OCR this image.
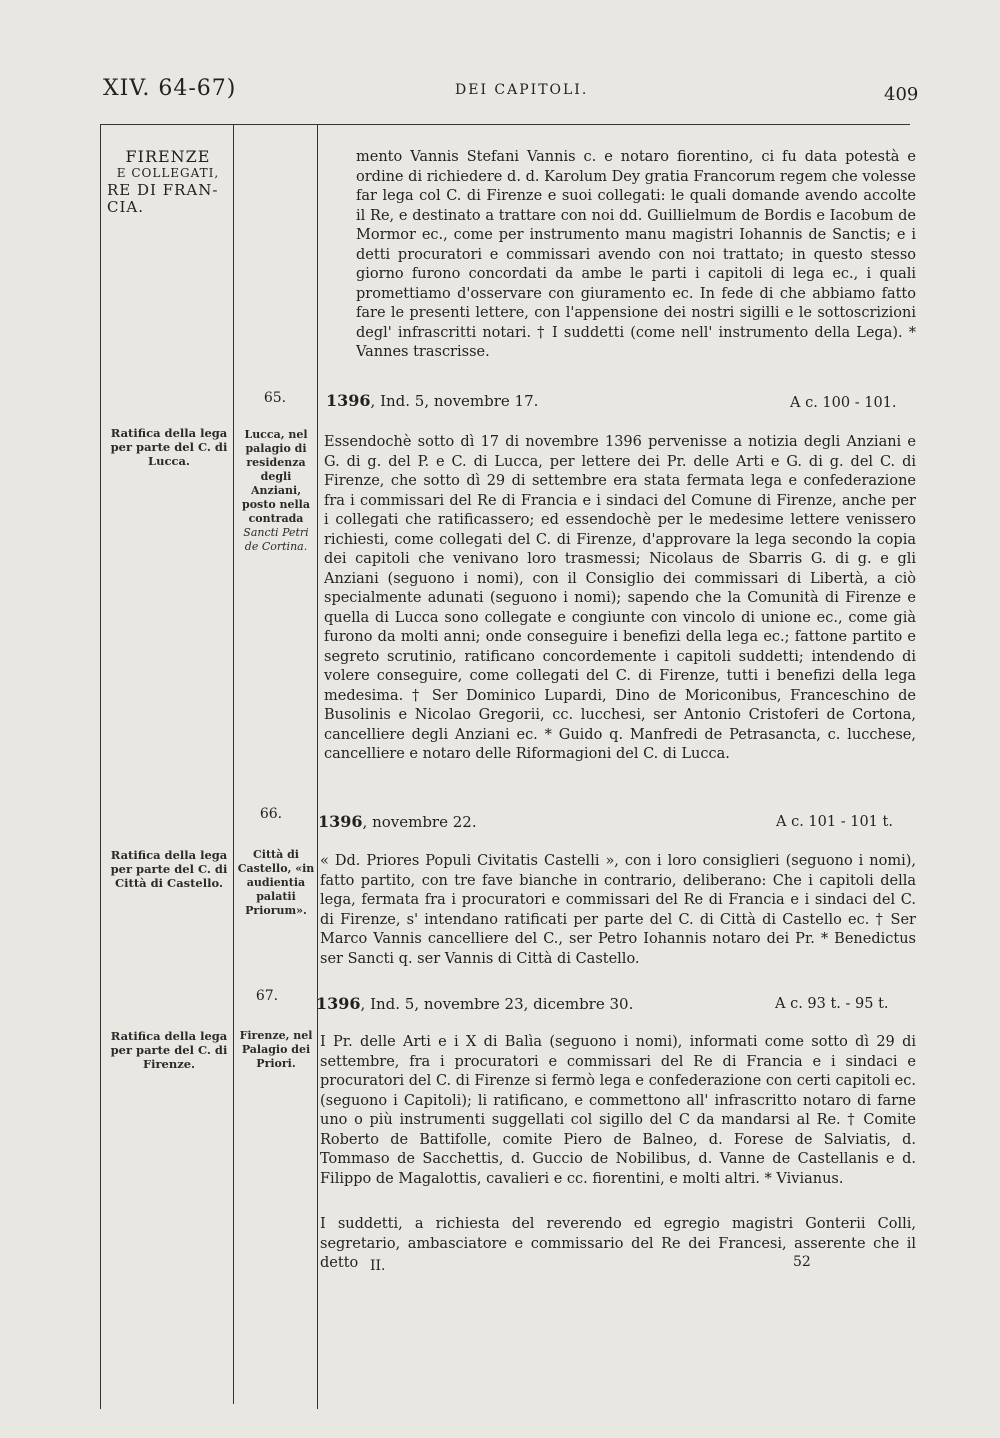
XIV. 64-67)	DEI CAPITOLI.	409
FIRENZE
E COLLEGATI,
RE DI FRAN-
CIA.
mento Vannis Stefani Vannis c. e notaro fiorentino, ci fu data potestà e ordine di richiedere d. d. Karolum Dey gratia Francorum regem che volesse far lega col C. di Firenze e suoi collegati: le quali domande avendo accolte il Re, e destinato a trattare con noi dd. Guillielmum de Bordis e Iacobum de Mormor ec., come per instrumento manu magistri Iohannis de Sanctis; e i detti procuratori e commissari avendo con noi trattato; in questo stesso giorno furono concordati da ambe le parti i capitoli di lega ec., i quali promettiamo d'osservare con giuramento ec. In fede di che abbiamo fatto fare le presenti lettere, con l'appensione dei nostri sigilli e le sottoscrizioni degl' infrascritti notari. † I suddetti (come nell' instrumento della Lega). * Vannes trascrisse.
65.
Ratifica della lega per parte del C. di Lucca.
Lucca, nel palagio di residenza degli Anziani, posto nella contrada
Sancti Petri de Cortina.
1396, Ind. 5, novembre 17.	A c. 100 - 101.
Essendochè sotto dì 17 di novembre 1396 pervenisse a notizia degli Anziani e G. di g. del P. e C. di Lucca, per lettere dei Pr. delle Arti e G. di g. del C. di Firenze, che sotto dì 29 di settembre era stata fermata lega e confederazione fra i commissari del Re di Francia e i sindaci del Comune di Firenze, anche per i collegati che ratificassero; ed essendochè per le medesime lettere venissero richiesti, come collegati del C. di Firenze, d'approvare la lega secondo la copia dei capitoli che venivano loro trasmessi; Nicolaus de Sbarris G. di g. e gli Anziani (seguono i nomi), con il Consiglio dei commissari di Libertà, a ciò specialmente adunati (seguono i nomi); sapendo che la Comunità di Firenze e quella di Lucca sono collegate e congiunte con vincolo di unione ec., come già furono da molti anni; onde conseguire i benefizi della lega ec.; fattone partito e segreto scrutinio, ratificano concordemente i capitoli suddetti; intendendo di volere conseguire, come collegati del C. di Firenze, tutti i benefizi della lega medesima. † Ser Dominico Lupardi, Dino de Moriconibus, Franceschino de Busolinis e Nicolao Gregorii, cc. lucchesi, ser Antonio Cristoferi de Cortona, cancelliere degli Anziani ec. * Guido q. Manfredi de Petrasancta, c. lucchese, cancelliere e notaro delle Riformagioni del C. di Lucca.
66.
Ratifica della lega per parte del C. di Città di Castello.
Città di Castello, «in audientia palatii Priorum».
1396, novembre 22.	A c. 101 - 101 t.
« Dd. Priores Populi Civitatis Castelli », con i loro consiglieri (seguono i nomi), fatto partito, con tre fave bianche in contrario, deliberano: Che i capitoli della lega, fermata fra i procuratori e commissari del Re di Francia e i sindaci del C. di Firenze, s' intendano ratificati per parte del C. di Città di Castello ec. † Ser Marco Vannis cancelliere del C., ser Petro Iohannis notaro dei Pr. * Benedictus ser Sancti q. ser Vannis di Città di Castello.
67.
Ratifica della lega per parte del C. di Firenze.
Firenze, nel Palagio dei Priori.
1396, Ind. 5, novembre 23, dicembre 30.	A c. 93 t. - 95 t.
I Pr. delle Arti e i X di Balìa (seguono i nomi), informati come sotto dì 29 di settembre, fra i procuratori e commissari del Re di Francia e i sindaci e procuratori del C. di Firenze si fermò lega e confederazione con certi capitoli ec. (seguono i Capitoli); li ratificano, e commettono all' infrascritto notaro di farne uno o più instrumenti suggellati col sigillo del C da mandarsi al Re. † Comite Roberto de Battifolle, comite Piero de Balneo, d. Forese de Salviatis, d. Tommaso de Sacchettis, d. Guccio de Nobilibus, d. Vanne de Castellanis e d. Filippo de Magalottis, cavalieri e cc. fiorentini, e molti altri. * Vivianus.
I suddetti, a richiesta del reverendo ed egregio magistri Gonterii Colli, segretario, ambasciatore e commissario del Re dei Francesi, asserente che il detto II.	52
